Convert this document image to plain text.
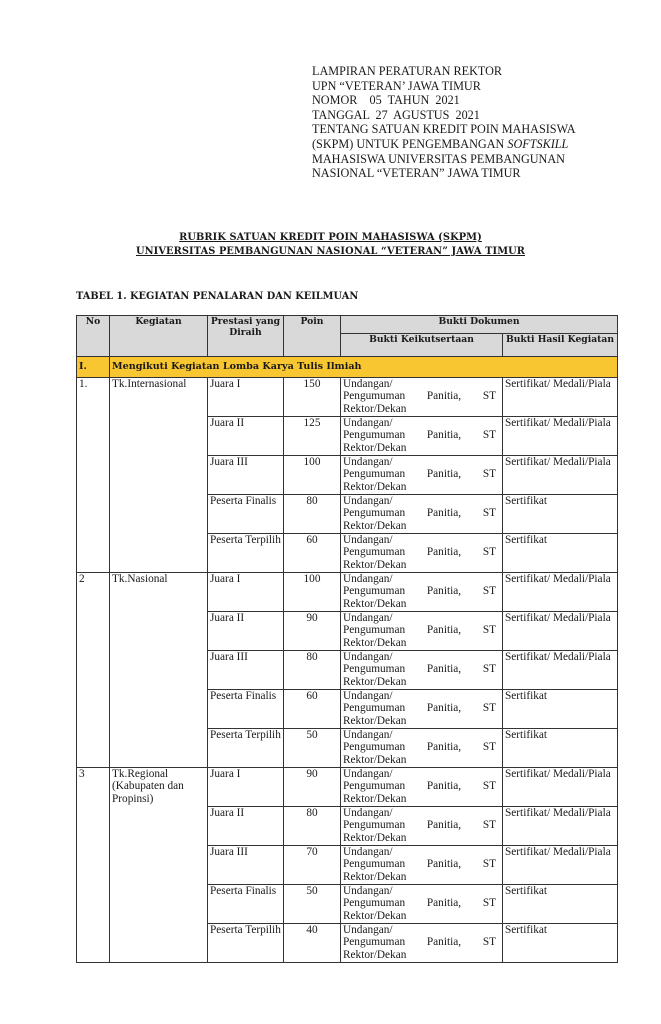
LAMPIRAN PERATURAN REKTOR
UPN “VETERAN’ JAWA TIMUR
NOMOR    05  TAHUN  2021
TANGGAL  27  AGUSTUS  2021
TENTANG SATUAN KREDIT POIN MAHASISWA
(SKPM) UNTUK PENGEMBANGAN SOFTSKILL
MAHASISWA UNIVERSITAS PEMBANGUNAN
NASIONAL “VETERAN” JAWA TIMUR
RUBRIK SATUAN KREDIT POIN MAHASISWA (SKPM)
UNIVERSITAS PEMBANGUNAN NASIONAL “VETERAN” JAWA TIMUR
TABEL 1. KEGIATAN PENALARAN DAN KEILMUAN
No	Kegiatan	Prestasi yang Diraih	Poin	Bukti Dokumen	
				Bukti Keikutsertaan	Bukti Hasil Kegiatan
I.	Mengikuti Kegiatan Lomba Karya Tulis Ilmiah				
1.	Tk.Internasional	Juara I	150	Undangan/
Pengumuman Panitia, ST
Rektor/Dekan	Sertifikat/ Medali/Piala
		Juara II	125	Undangan/
Pengumuman Panitia, ST
Rektor/Dekan	Sertifikat/ Medali/Piala
		Juara III	100	Undangan/
Pengumuman Panitia, ST
Rektor/Dekan	Sertifikat/ Medali/Piala
		Peserta Finalis	80	Undangan/
Pengumuman Panitia, ST
Rektor/Dekan	Sertifikat
		Peserta Terpilih	60	Undangan/
Pengumuman Panitia, ST
Rektor/Dekan	Sertifikat
2	Tk.Nasional	Juara I	100	Undangan/
Pengumuman Panitia, ST
Rektor/Dekan	Sertifikat/ Medali/Piala
		Juara II	90	Undangan/
Pengumuman Panitia, ST
Rektor/Dekan	Sertifikat/ Medali/Piala
		Juara III	80	Undangan/
Pengumuman Panitia, ST
Rektor/Dekan	Sertifikat/ Medali/Piala
		Peserta Finalis	60	Undangan/
Pengumuman Panitia, ST
Rektor/Dekan	Sertifikat
		Peserta Terpilih	50	Undangan/
Pengumuman Panitia, ST
Rektor/Dekan	Sertifikat
3	Tk.Regional (Kabupaten dan Propinsi)	Juara I	90	Undangan/
Pengumuman Panitia, ST
Rektor/Dekan	Sertifikat/ Medali/Piala
		Juara II	80	Undangan/
Pengumuman Panitia, ST
Rektor/Dekan	Sertifikat/ Medali/Piala
		Juara III	70	Undangan/
Pengumuman Panitia, ST
Rektor/Dekan	Sertifikat/ Medali/Piala
		Peserta Finalis	50	Undangan/
Pengumuman Panitia, ST
Rektor/Dekan	Sertifikat
		Peserta Terpilih	40	Undangan/
Pengumuman Panitia, ST
Rektor/Dekan	Sertifikat
